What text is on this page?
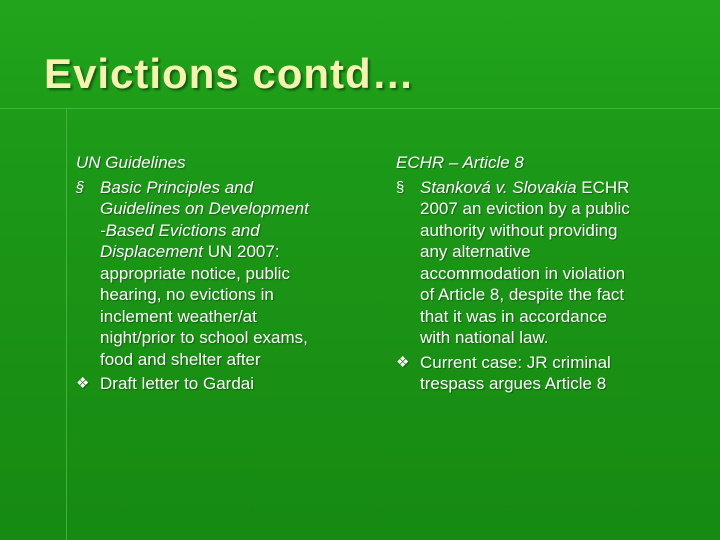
Evictions contd…
UN Guidelines
§ Basic Principles and
Guidelines on Development
-Based Evictions and
Displacement UN 2007:
appropriate notice, public
hearing, no evictions in
inclement weather/at
night/prior to school exams,
food and shelter after
❖ Draft letter to Gardai
ECHR – Article 8
§ Stanková v. Slovakia ECHR
2007 an eviction by a public
authority without providing
any alternative
accommodation in violation
of Article 8, despite the fact
that it was in accordance
with national law.
❖ Current case: JR criminal
trespass argues Article 8
